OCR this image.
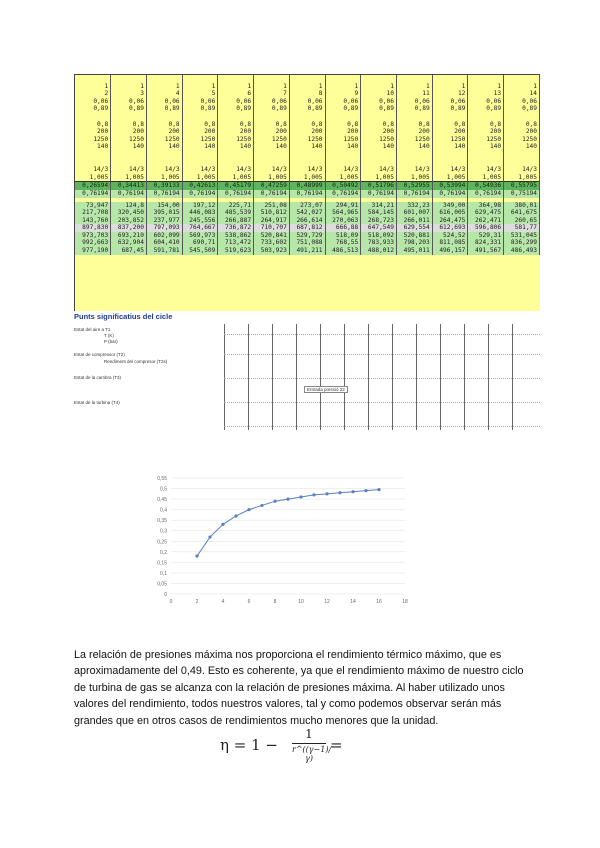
1	1	1	1	1	1	1	1	1	1	1	1	1
2	3	4	5	6	7	8	9	10	11	12	13	14
0,06	0,06	0,06	0,06	0,06	0,06	0,06	0,06	0,06	0,06	0,06	0,06	0,06
0,89	0,89	0,89	0,89	0,89	0,89	0,89	0,89	0,89	0,89	0,89	0,89	0,89

0,8	0,8	0,8	0,8	0,8	0,8	0,8	0,8	0,8	0,8	0,8	0,8	0,8
200	200	200	200	200	200	200	200	200	200	200	200	200
1250	1250	1250	1250	1250	1250	1250	1250	1250	1250	1250	1250	1250
140	140	140	140	140	140	140	140	140	140	140	140	140

14/3	14/3	14/3	14/3	14/3	14/3	14/3	14/3	14/3	14/3	14/3	14/3	14/3
1,005	1,005	1,005	1,005	1,005	1,005	1,005	1,005	1,005	1,005	1,005	1,005	1,005
0,26594	0,34413	0,39133	0,42613	0,45179	0,47259	0,48999	0,50492	0,51796	0,52955	0,53994	0,54936	0,55795
0,76194	0,76194	0,76194	0,76194	0,76194	0,76194	0,76194	0,76194	0,76194	0,76194	0,76194	0,76194	0,75194

73,947	124,8	154,00	197,12	225,71	251,08	273,07	294,91	314,21	332,23	349,00	364,98	380,01
217,708	320,450	395,015	446,083	485,539	510,812	542,027	564,965	584,145	601,007	616,005	629,475	641,675
143,760	203,852	237,977	245,556	266,887	264,917	266,614	270,063	268,723	266,011	264,475	262,471	260,65
897,830	837,200	797,093	764,667	736,872	710,707	687,812	666,88	647,549	629,554	612,693	596,806	581,77
973,703	693,210	602,099	569,973	538,862	520,841	529,729	518,09	518,092	520,881	524,52	529,31	531,045
992,663	632,904	604,410	690,71	713,472	733,602	751,088	768,55	783,933	798,203	811,085	824,331	836,299
977,190	687,45	591,781	545,509	519,623	503,923	491,211	486,513	488,012	495,011	496,157	491,567	486,493
Punts significatius del cicle
Estat del aire a T1
T (K)
P (bar)
Estat de compressor (T2)
Rendiment del compresor (T2s)
Estat de la cambra (T3)
Estat de la turbina (T4)
Entrada pressió 22
0
0,05
0,1
0,15
0,2
0,25
0,3
0,35
0,4
0,45
0,5
0,55
0	2	4	6	8	10	12	14	16	18
La relación de presiones máxima nos proporciona el rendimiento térmico máximo, que es aproximadamente del 0,49. Esto es coherente, ya que el rendimiento máximo de nuestro ciclo de turbina de gas se alcanza con la relación de presiones máxima. Al haber utilizado unos valores del rendimiento, todos nuestros valores, tal y como podemos observar serán más grandes que en otros casos de rendimientos mucho menores que la unidad.
η = 1 −
1
r^((γ−1)/γ)
=
